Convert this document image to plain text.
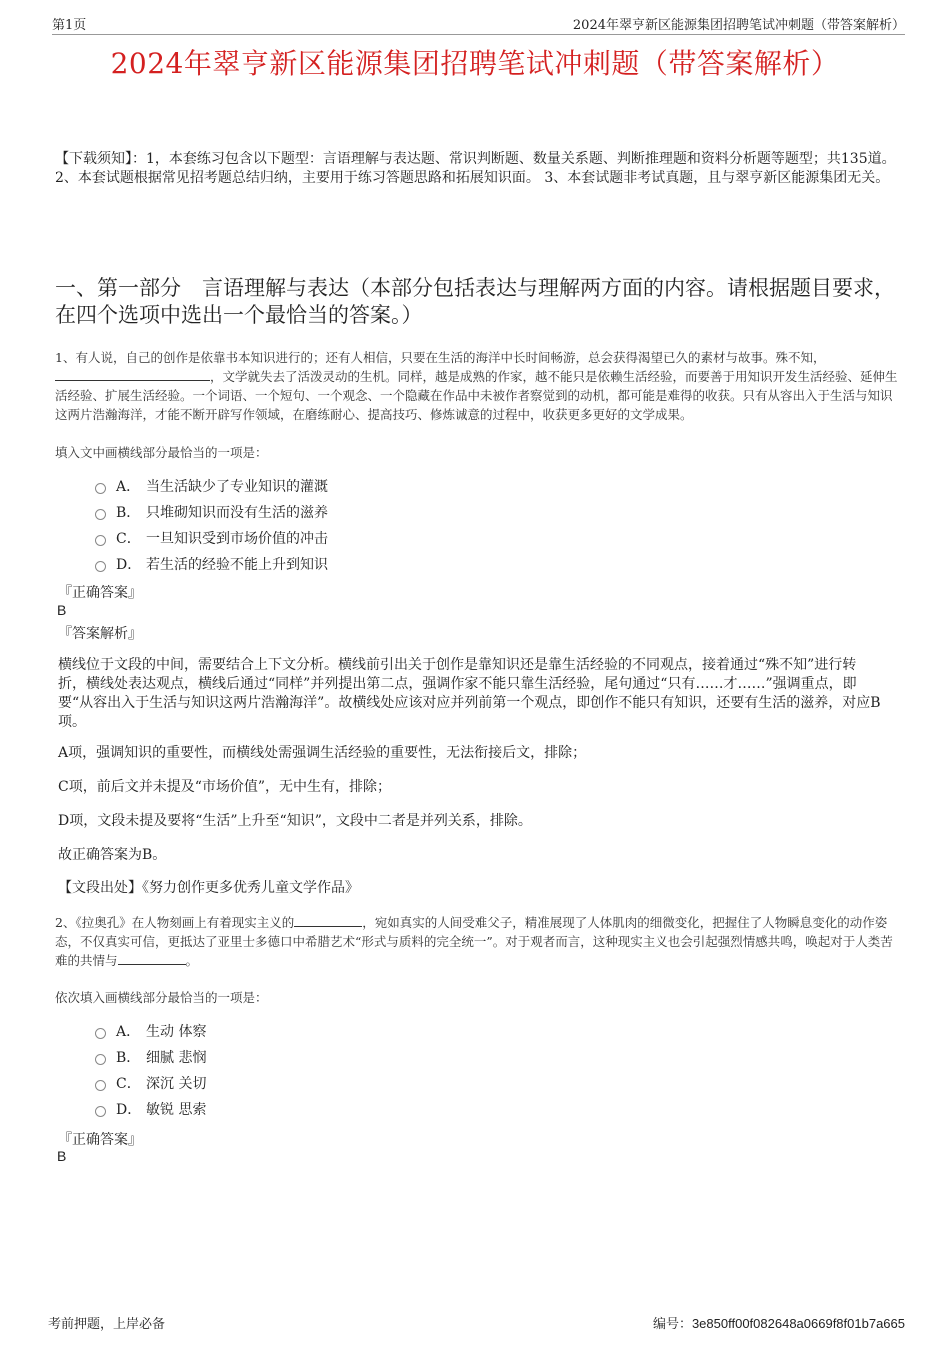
第1页	2024年翠亨新区能源集团招聘笔试冲刺题（带答案解析）
2024年翠亨新区能源集团招聘笔试冲刺题（带答案解析）
【下载须知】：1，本套练习包含以下题型：言语理解与表达题、常识判断题、数量关系题、判断推理题和资料分析题等题型；共135道。 2、本套试题根据常见招考题总结归纳，主要用于练习答题思路和拓展知识面。 3、本套试题非考试真题，且与翠亨新区能源集团无关。
一、第一部分　言语理解与表达（本部分包括表达与理解两方面的内容。请根据题目要求，在四个选项中选出一个最恰当的答案。）
1、有人说，自己的创作是依靠书本知识进行的；还有人相信，只要在生活的海洋中长时间畅游，总会获得渴望已久的素材与故事。殊不知，，文学就失去了活泼灵动的生机。同样，越是成熟的作家，越不能只是依赖生活经验，而要善于用知识开发生活经验、延伸生活经验、扩展生活经验。一个词语、一个短句、一个观念、一个隐藏在作品中未被作者察觉到的动机，都可能是难得的收获。只有从容出入于生活与知识这两片浩瀚海洋，才能不断开辟写作领域，在磨练耐心、提高技巧、修炼诚意的过程中，收获更多更好的文学成果。
填入文中画横线部分最恰当的一项是：
A． 当生活缺少了专业知识的灌溉
B． 只堆砌知识而没有生活的滋养
C． 一旦知识受到市场价值的冲击
D． 若生活的经验不能上升到知识
『正确答案』
B
『答案解析』
横线位于文段的中间，需要结合上下文分析。横线前引出关于创作是靠知识还是靠生活经验的不同观点，接着通过“殊不知”进行转折，横线处表达观点，横线后通过“同样”并列提出第二点，强调作家不能只靠生活经验，尾句通过“只有……才……”强调重点，即要“从容出入于生活与知识这两片浩瀚海洋”。故横线处应该对应并列前第一个观点，即创作不能只有知识，还要有生活的滋养，对应B项。
A项，强调知识的重要性，而横线处需强调生活经验的重要性，无法衔接后文，排除；
C项，前后文并未提及“市场价值”，无中生有，排除；
D项，文段未提及要将“生活”上升至“知识”，文段中二者是并列关系，排除。
故正确答案为B。
【文段出处】《努力创作更多优秀儿童文学作品》
2、《拉奥孔》在人物刻画上有着现实主义的	，宛如真实的人间受难父子，精准展现了人体肌肉的细微变化，把握住了人物瞬息变化的动作姿态，不仅真实可信，更抵达了亚里士多德口中希腊艺术“形式与质料的完全统一”。对于观者而言，这种现实主义也会引起强烈情感共鸣，唤起对于人类苦难的共情与	。
依次填入画横线部分最恰当的一项是：
A． 生动 体察
B． 细腻 悲悯
C． 深沉 关切
D． 敏锐 思索
『正确答案』
B
考前押题，上岸必备	编号：3e850ff00f082648a0669f8f01b7a665
